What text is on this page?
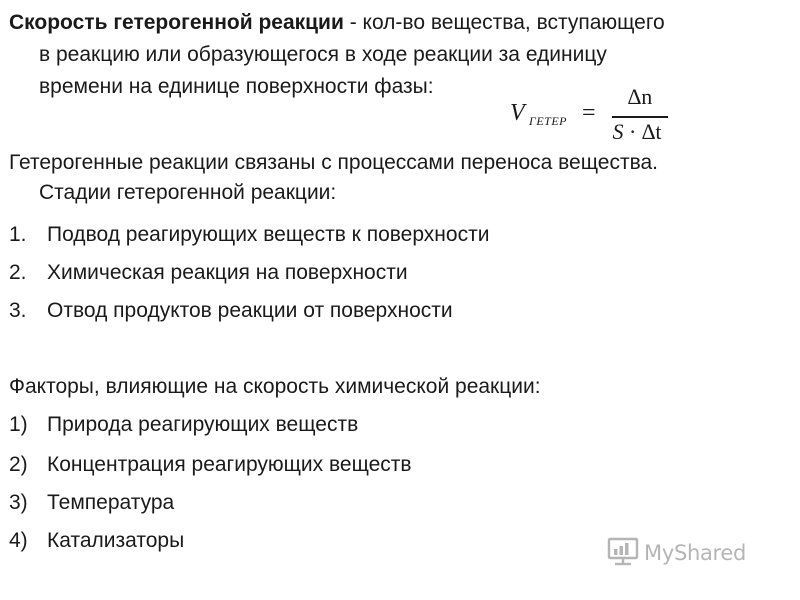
Скорость гетерогенной реакции - кол-во вещества, вступающего
в реакцию или образующегося в ходе реакции за единицу
времени на единице поверхности фазы:
V ГЕТЕР =
∆n
S · ∆t
Гетерогенные реакции связаны с процессами переноса вещества.
Стадии гетерогенной реакции:
1. Подвод реагирующих веществ к поверхности
2. Химическая реакция на поверхности
3. Отвод продуктов реакции от поверхности
Факторы, влияющие на скорость химической реакции:
1) Природа реагирующих веществ
2) Концентрация реагирующих веществ
3) Температура
4) Катализаторы
MyShared
